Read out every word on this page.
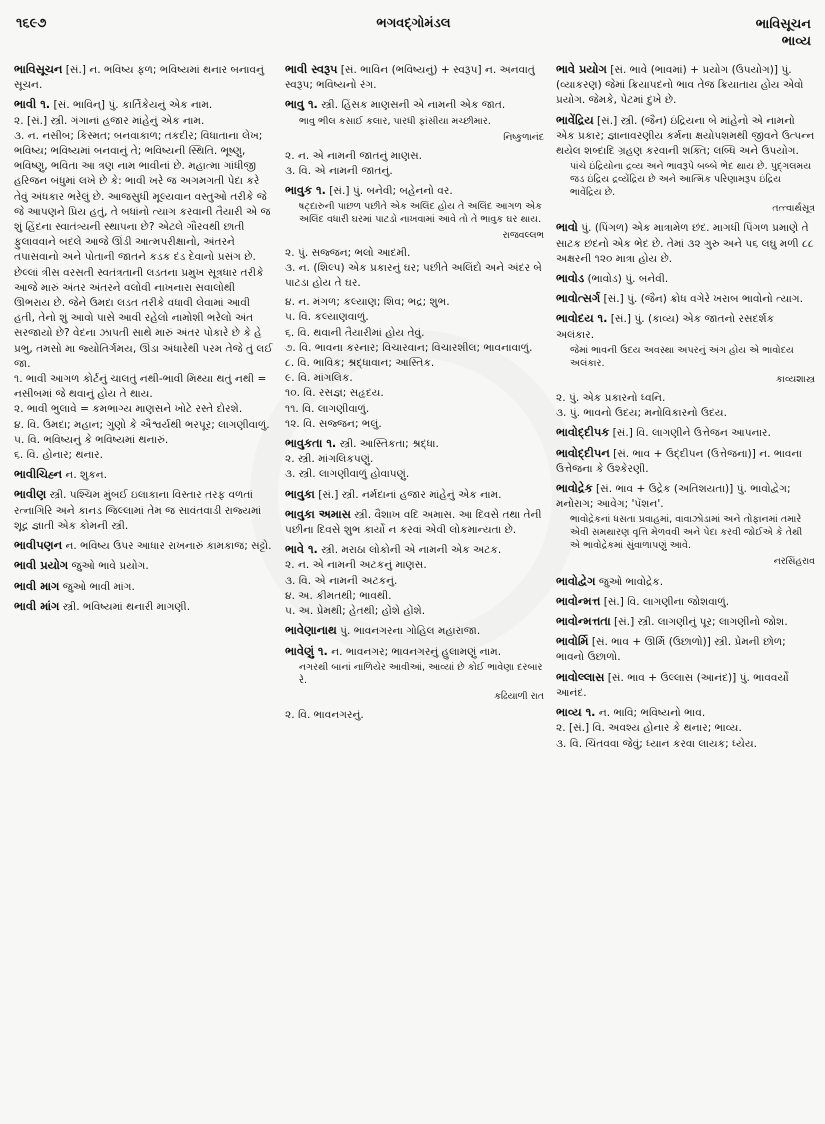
૧૬૯૭	ભગવદ્ગોમંડલ	ભાવિસૂચન
ભાવ્ય
ભાવિસૂચન [સં.] ન. ભવિષ્ય ફળ; ભવિષ્યમાં થનાર બનાવનું સૂચન.
ભાવી ૧. [સં. ભાવિન્] પું. કાર્તિકેયનું એક નામ.
૨. [સં.] સ્ત્રી. ગંગાનાં હજાર માંહેનું એક નામ.
૩. ન. નસીબ; કિસ્મત; બનવાકાળ; તકદીર; વિધાતાના લેખ; ભવિષ્ય; ભવિષ્યમાં બનવાનું તે; ભવિષ્યની સ્થિતિ. ભૂષ્ણુ, ભવિષ્ણુ, ભવિતા આ ત્રણ નામ ભાવીનાં છે. મહાત્મા ગાંધીજી હરિજન બંધુમાં લખે છે કે: ભાવી ખરે જ અગમગતી પેદા કરે તેવું અંધકાર ભરેલું છે. આજસુધી મૂલ્યવાન વસ્તુઓ તરીકે જે જે આપણને પ્રિય હતું, તે બધાંનો ત્યાગ કરવાની તૈયારી એ જ શું હિંદના સ્વાતંત્ર્યની સ્થાપના છે? એટલે ગૌરવથી છાતી ફુલાવવાને બદલે આજે ઊંડી આત્મપરીક્ષાનો, અંતરને તપાસવાનો અને પોતાની જાતને કડક દંડ દેવાનો પ્રસંગ છે. છેલ્લાં ત્રીસ વરસતી સ્વતંત્રતાની લડતના પ્રમુખ સૂત્રધાર તરીકે આજે મારું અંતર અંતરને વલોવી નાખનારા સવાલોથી ઊભરાય છે. જેને ઉમદા લડત તરીકે વધાવી લેવામાં આવી હતી, તેનો શું આવો પાસે આવી રહેલો નામોશી ભરેલો અંત સરજાયો છે? વેદના ઝાપતી સાથે મારું અંતર પોકારે છે કે હે પ્રભુ, તમસો મા જ્યોતિર્ગમય, ઊંડા અંધારેથી પરમ તેજે તું લઈ જા.
૧. ભાવી આગળ કોર્ટનું ચાલતું નથી-ભાવી મિથ્યા થતું નથી = નસીબમાં જે થવાનું હોય તે થાય.
૨. ભાવી ભુલાવે = કમભાગ્ય માણસને ખોટે રસ્તે દોરશે.
૪. વિ. ઉમદા; મહાન; ગુણો કે ઐશ્વર્યથી ભરપૂર; લાગણીવાળું.
૫. વિ. ભવિષ્યનું કે ભવિષ્યમાં થનારું.
૬. વિ. હોનાર; થનાર.
ભાવીચિહ્ન ન. શુકન.
ભાવીણ સ્ત્રી. પશ્ચિમ મુંબઈ ઇલાકાના વિસ્તાર તરફ વળતાં રત્નાગિરિ અને કાનડ જિલ્લામાં તેમ જ સાવંતવાડી રાજ્યમાં શૂદ્ર જ્ઞાતી એક કોમની સ્ત્રી.
ભાવીપણન ન. ભવિષ્ય ઉપર આધાર રાખનારું કામકાજ; સટ્ટો.
ભાવી પ્રયોગ જુઓ ભાવે પ્રયોગ.
ભાવી માગ જુઓ ભાવી માંગ.
ભાવી માંગ સ્ત્રી. ભવિષ્યમાં થનારી માગણી.
ભાવી સ્વરૂપ [સં. ભાવિન (ભવિષ્યનું) + સ્વરૂપ] ન. અનવાતું સ્વરૂપ; ભવિષ્યનો રંગ.
ભાવુ ૧. સ્ત્રી. હિંસક માણસની એ નામની એક જાત.
ભાવુ ભીલ કસાઈ કલાર, પારધી ફાંસીયા મચ્છીમાર.
નિષ્કુળાનંદ
૨. ન. એ નામની જાતનું માણસ.
૩. વિ. એ નામની જાતનું.
ભાવુક ૧. [સં.] પું. બનેવી; બહેનનો વર.
ષટ્દારુની પાછળ પછીતે એક અલિંદ હોય તે અલિંદ આગળ એક અલિંદ વધારી ઘરમાં પાટડો નાખવામાં આવે તો તે ભાવુક ઘર થાય.
રાજવલ્લભ
૨. પું. સજ્જન; ભલો આદમી.
૩. ન. (શિલ્પ) એક પ્રકારનું ઘર; પછીતે અલિંદો અને અંદર બે પાટડા હોય તે ઘર.
૪. ન. મંગળ; કલ્યાણ; શિવ; ભદ્ર; શુભ.
૫. વિ. કલ્યાણવાળું.
૬. વિ. થવાની તૈયારીમાં હોય તેવું.
૭. વિ. ભાવના કરનાર; વિચારવાન; વિચારશીલ; ભાવનાવાળું.
૮. વિ. ભાવિક; શ્રદ્ધાવાન; આસ્તિક.
૯. વિ. માંગલિક.
૧૦. વિ. રસજ્ઞ; સહૃદય.
૧૧. વિ. લાગણીવાળું.
૧૨. વિ. સજ્જન; ભલું.
ભાવુકતા ૧. સ્ત્રી. આસ્તિકતા; શ્રદ્ધા.
૨. સ્ત્રી. માંગલિકપણું.
૩. સ્ત્રી. લાગણીવાળું હોવાપણું.
ભાવુકા [સં.] સ્ત્રી. નર્મદાનાં હજાર માંહેનું એક નામ.
ભાવુકા અમાસ સ્ત્રી. વૈશાખ વદિ અમાસ. આ દિવસે તથા તેની પછીના દિવસે શુભ કાર્યો ન કરવાં એવી લોકમાન્યતા છે.
ભાવે ૧. સ્ત્રી. મરાઠા લોકોની એ નામની એક અટક.
૨. ન. એ નામની અટકનું માણસ.
૩. વિ. એ નામની અટકનું.
૪. અ. કીમતથી; ભાવથી.
૫. અ. પ્રેમથી; હેતથી; હોંશે હોંશે.
ભાવેણાનાથ પું. ભાવનગરના ગોહિલ મહારાજા.
ભાવેણું ૧. ન. ભાવનગર; ભાવનગરનું હુલામણું નામ.
નગરથી બાનાં નાળિયેર આવીઆં, આવ્યાં છે કોઈ ભાવેણા દરબાર રે.
કઢિયાળી રાત
૨. વિ. ભાવનગરનું.
ભાવે પ્રયોગ [સં. ભાવે (ભાવમાં) + પ્રયોગ (ઉપયોગ)] પું. (વ્યાકરણ) જેમાં ક્રિયાપદનો ભાવ તેજ ક્રિયાતાય હોય એવો પ્રયોગ. જેમકે, પેટમાં દુખે છે.
ભાવેંદ્રિય [સં.] સ્ત્રી. (જૈન) ઇંદ્રિયના બે માંહેનો એ નામનો એક પ્રકાર; જ્ઞાનાવરણીય કર્મના ક્ષયોપશમથી જીવને ઉત્પન્ન થયેલ શબ્દાદિ ગ્રહણ કરવાની શક્તિ; લબ્ધિ અને ઉપયોગ.
પાંચે ઇંદ્રિયોના દ્રવ્ય અને ભાવરૂપે બબ્બે ભેદ થાય છે. પુદ્ગલમય જડ ઇંદ્રિય દ્રવ્યેંદ્રિય છે અને આત્મિક પરિણામરૂપ ઇંદ્રિય ભાવેંદ્રિય છે.
તત્ત્વાર્થસૂત્ર
ભાવો પું. (પિંગળ) એક માત્રામેળ છંદ. માગધી પિંગળ પ્રમાણે તે સાટક છંદનો એક ભેદ છે. તેમાં ૩૨ ગુરુ અને ૫૬ લઘુ મળી ૮૮ અક્ષરની ૧૨૦ માત્રા હોય છે.
ભાવોડ (ભાવોડ) પું. બનેવી.
ભાવોત્સર્ગ [સં.] પું. (જૈન) ક્રોધ વગેરે ખરાબ ભાવોનો ત્યાગ.
ભાવોદય ૧. [સં.] પું. (કાવ્ય) એક જાતનો રસદર્શક અલંકાર.
જેમાં ભાવની ઉદય અવસ્થા અપરનું અંગ હોય એ ભાવોદય અલંકાર.
કાવ્યશાસ્ત્ર
૨. પું. એક પ્રકારનો ધ્વનિ.
૩. પું. ભાવનો ઉદય; મનોવિકારનો ઉદય.
ભાવોદ્દીપક [સં.] વિ. લાગણીને ઉત્તેજન આપનાર.
ભાવોદ્દીપન [સં. ભાવ + ઉદ્દીપન (ઉત્તેજના)] ન. ભાવના ઉત્તેજના કે ઉશ્કેરણી.
ભાવોદ્રેક [સં. ભાવ + ઉદ્રેક (અતિશયતા)] પું. ભાવોદ્વેગ; મનોરાગ; આવેગ; 'પૅશન'.
ભાવોદ્રેકનાં ધસતા પ્રવાહમાં, વાવાઝોડામાં અને તોફાનમાં તમારે એવી સમથારણ વૃત્તિ મેળવવી અને પેદા કરવી જોઈએ કે તેથી એ ભાવોદ્રેકમાં સુંવાળાપણું આવે.
નરસિંહરાવ
ભાવોદ્વેગ જુઓ ભાવોદ્રેક.
ભાવોન્મત્ત [સં.] વિ. લાગણીના જોશવાળું.
ભાવોન્મત્તતા [સં.] સ્ત્રી. લાગણીનું પૂર; લાગણીનો જોશ.
ભાવોર્મિ [સં. ભાવ + ઊર્મિ (ઉછાળો)] સ્ત્રી. પ્રેમની છોળ; ભાવનો ઉછાળો.
ભાવોલ્લાસ [સં. ભાવ + ઉલ્લાસ (આનંદ)] પું. ભાવવર્યો આનંદ.
ભાવ્ય ૧. ન. ભાવિ; ભવિષ્યનો ભાવ.
૨. [સં.] વિ. અવશ્ય હોનાર કે થનાર; ભાવ્ય.
૩. વિ. ચિંતવવા જેવું; ધ્યાન કરવા લાયક; ધ્યેય.
